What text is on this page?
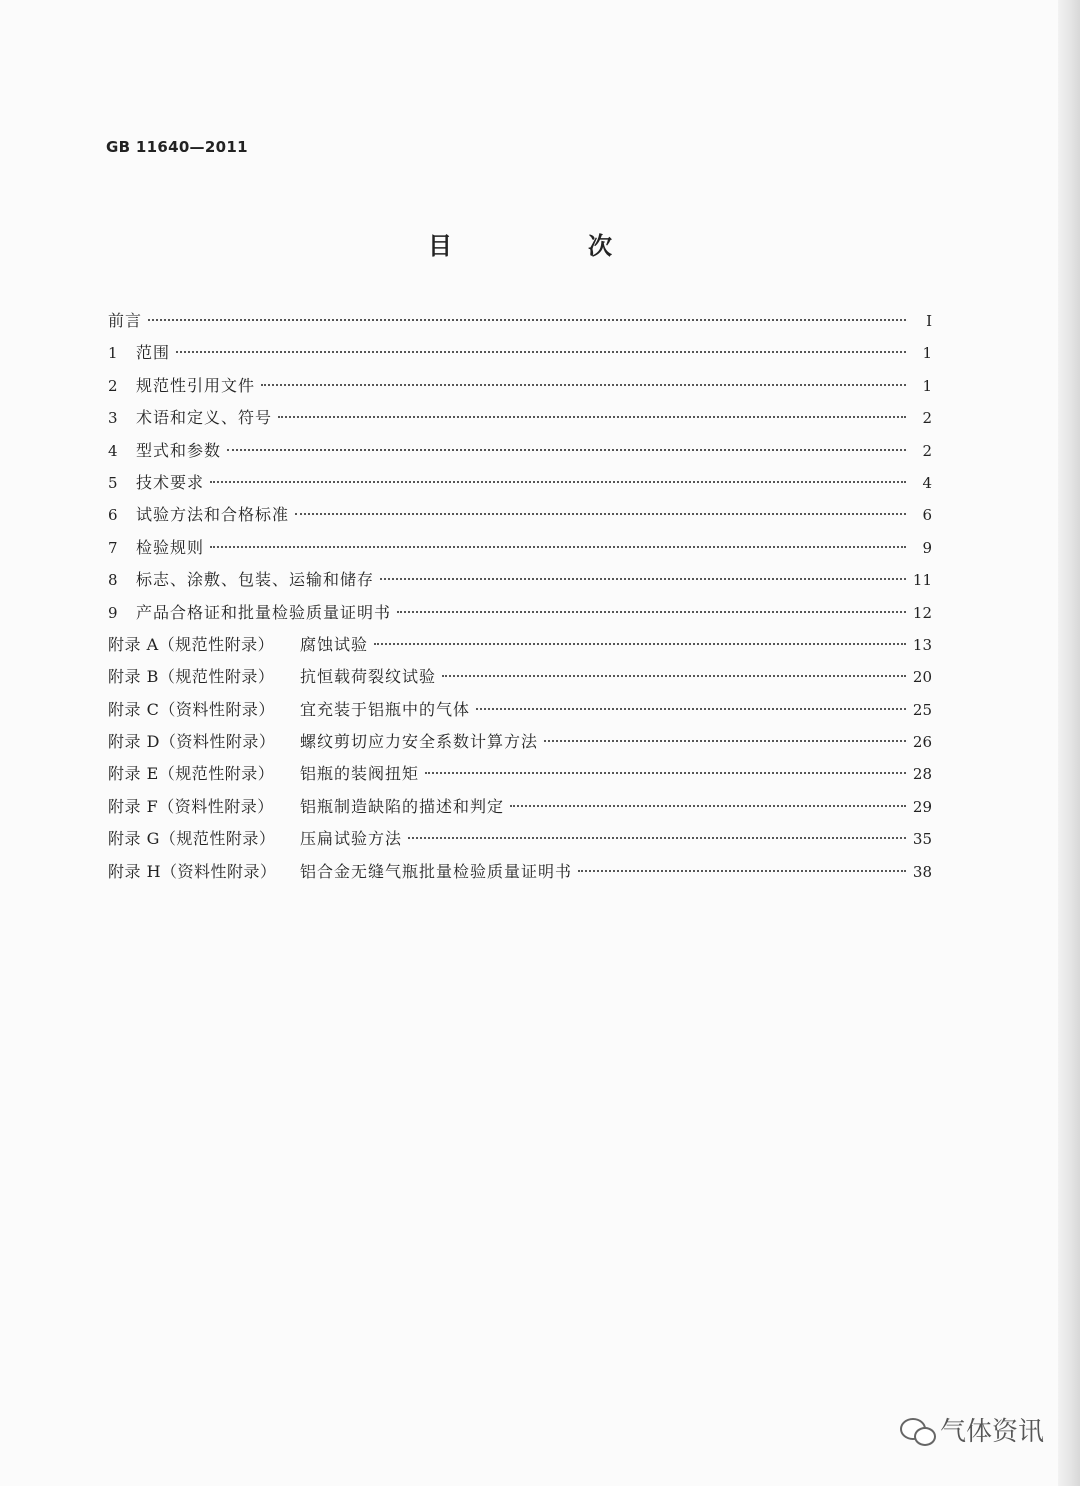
GB 11640—2011
目　次
前言	Ⅰ
1	范围	1
2	规范性引用文件	1
3	术语和定义、符号	2
4	型式和参数	2
5	技术要求	4
6	试验方法和合格标准	6
7	检验规则	9
8	标志、涂敷、包装、运输和储存	11
9	产品合格证和批量检验质量证明书	12
附录 A（规范性附录）	腐蚀试验	13
附录 B（规范性附录）	抗恒载荷裂纹试验	20
附录 C（资料性附录）	宜充装于铝瓶中的气体	25
附录 D（资料性附录）	螺纹剪切应力安全系数计算方法	26
附录 E（规范性附录）	铝瓶的装阀扭矩	28
附录 F（资料性附录）	铝瓶制造缺陷的描述和判定	29
附录 G（规范性附录）	压扁试验方法	35
附录 H（资料性附录）	铝合金无缝气瓶批量检验质量证明书	38
气体资讯
